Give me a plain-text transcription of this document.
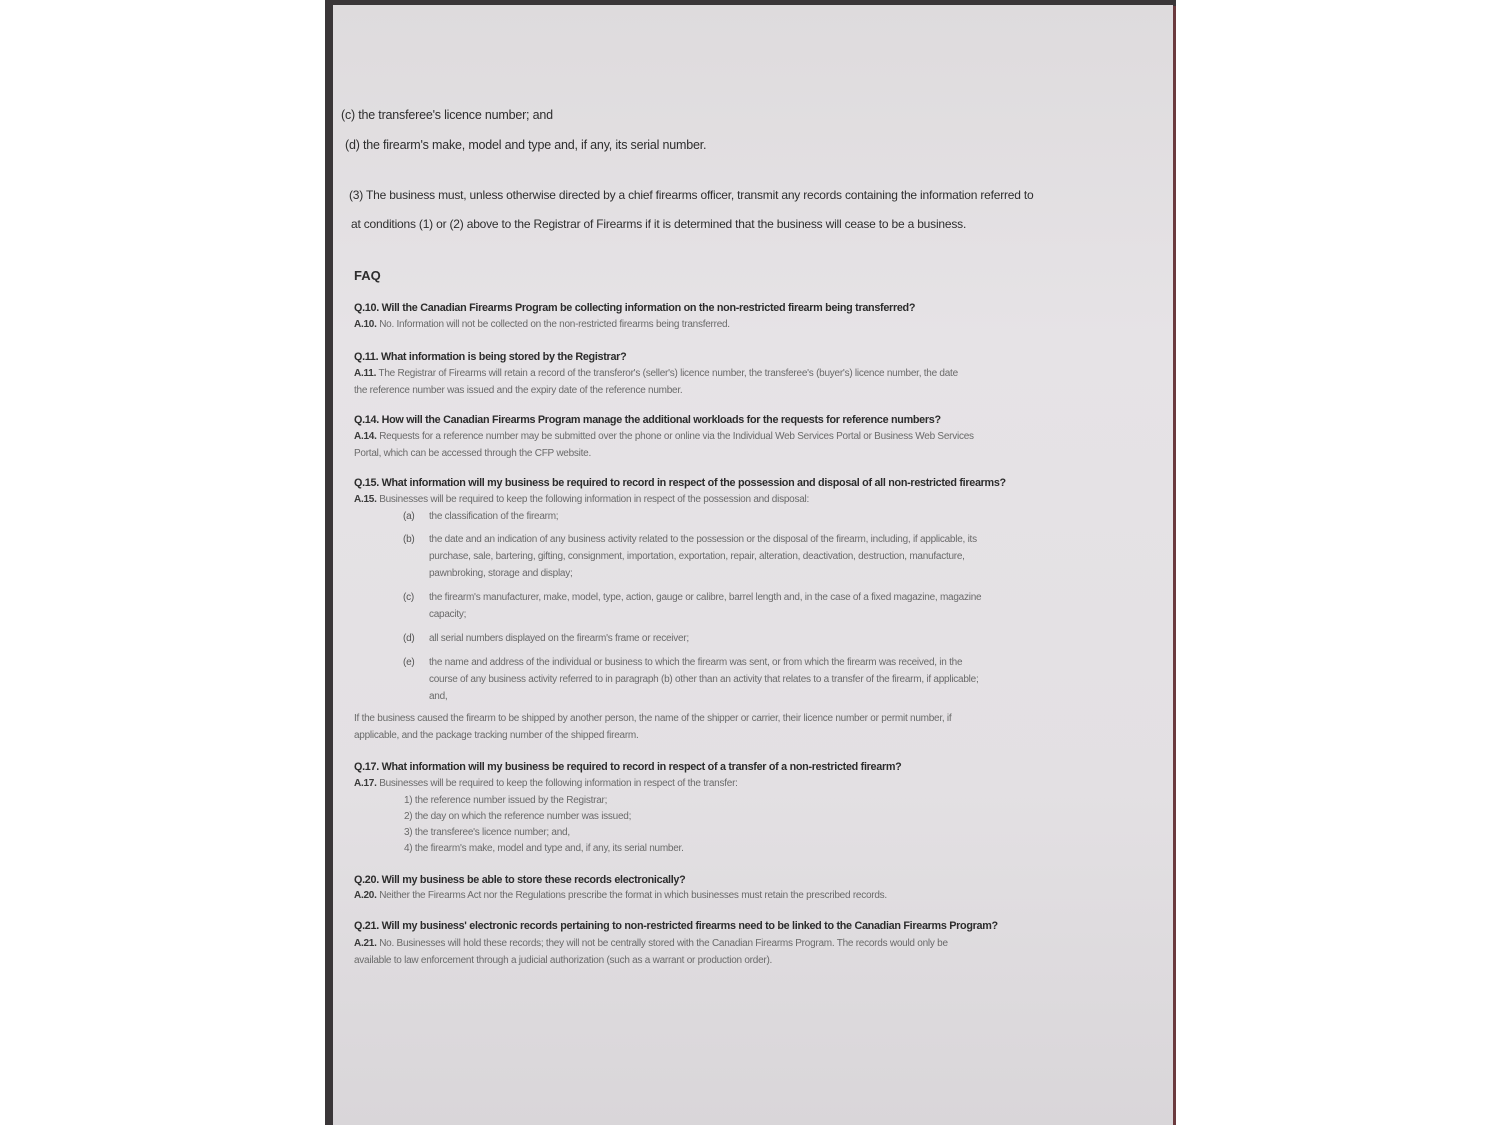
(c) the transferee's licence number; and
(d) the firearm's make, model and type and, if any, its serial number.
(3) The business must, unless otherwise directed by a chief firearms officer, transmit any records containing the information referred to
at conditions (1) or (2) above to the Registrar of Firearms if it is determined that the business will cease to be a business.
FAQ
Q.10. Will the Canadian Firearms Program be collecting information on the non-restricted firearm being transferred?
A.10. No. Information will not be collected on the non-restricted firearms being transferred.
Q.11. What information is being stored by the Registrar?
A.11. The Registrar of Firearms will retain a record of the transferor's (seller's) licence number, the transferee's (buyer's) licence number, the date
the reference number was issued and the expiry date of the reference number.
Q.14. How will the Canadian Firearms Program manage the additional workloads for the requests for reference numbers?
A.14. Requests for a reference number may be submitted over the phone or online via the Individual Web Services Portal or Business Web Services
Portal, which can be accessed through the CFP website.
Q.15. What information will my business be required to record in respect of the possession and disposal of all non-restricted firearms?
A.15. Businesses will be required to keep the following information in respect of the possession and disposal:
(a) the classification of the firearm;
(b) the date and an indication of any business activity related to the possession or the disposal of the firearm, including, if applicable, its
purchase, sale, bartering, gifting, consignment, importation, exportation, repair, alteration, deactivation, destruction, manufacture,
pawnbroking, storage and display;
(c) the firearm's manufacturer, make, model, type, action, gauge or calibre, barrel length and, in the case of a fixed magazine, magazine
capacity;
(d) all serial numbers displayed on the firearm's frame or receiver;
(e) the name and address of the individual or business to which the firearm was sent, or from which the firearm was received, in the
course of any business activity referred to in paragraph (b) other than an activity that relates to a transfer of the firearm, if applicable;
and,
If the business caused the firearm to be shipped by another person, the name of the shipper or carrier, their licence number or permit number, if
applicable, and the package tracking number of the shipped firearm.
Q.17. What information will my business be required to record in respect of a transfer of a non-restricted firearm?
A.17. Businesses will be required to keep the following information in respect of the transfer:
1) the reference number issued by the Registrar;
2) the day on which the reference number was issued;
3) the transferee's licence number; and,
4) the firearm's make, model and type and, if any, its serial number.
Q.20. Will my business be able to store these records electronically?
A.20. Neither the Firearms Act nor the Regulations prescribe the format in which businesses must retain the prescribed records.
Q.21. Will my business' electronic records pertaining to non-restricted firearms need to be linked to the Canadian Firearms Program?
A.21. No. Businesses will hold these records; they will not be centrally stored with the Canadian Firearms Program. The records would only be
available to law enforcement through a judicial authorization (such as a warrant or production order).
